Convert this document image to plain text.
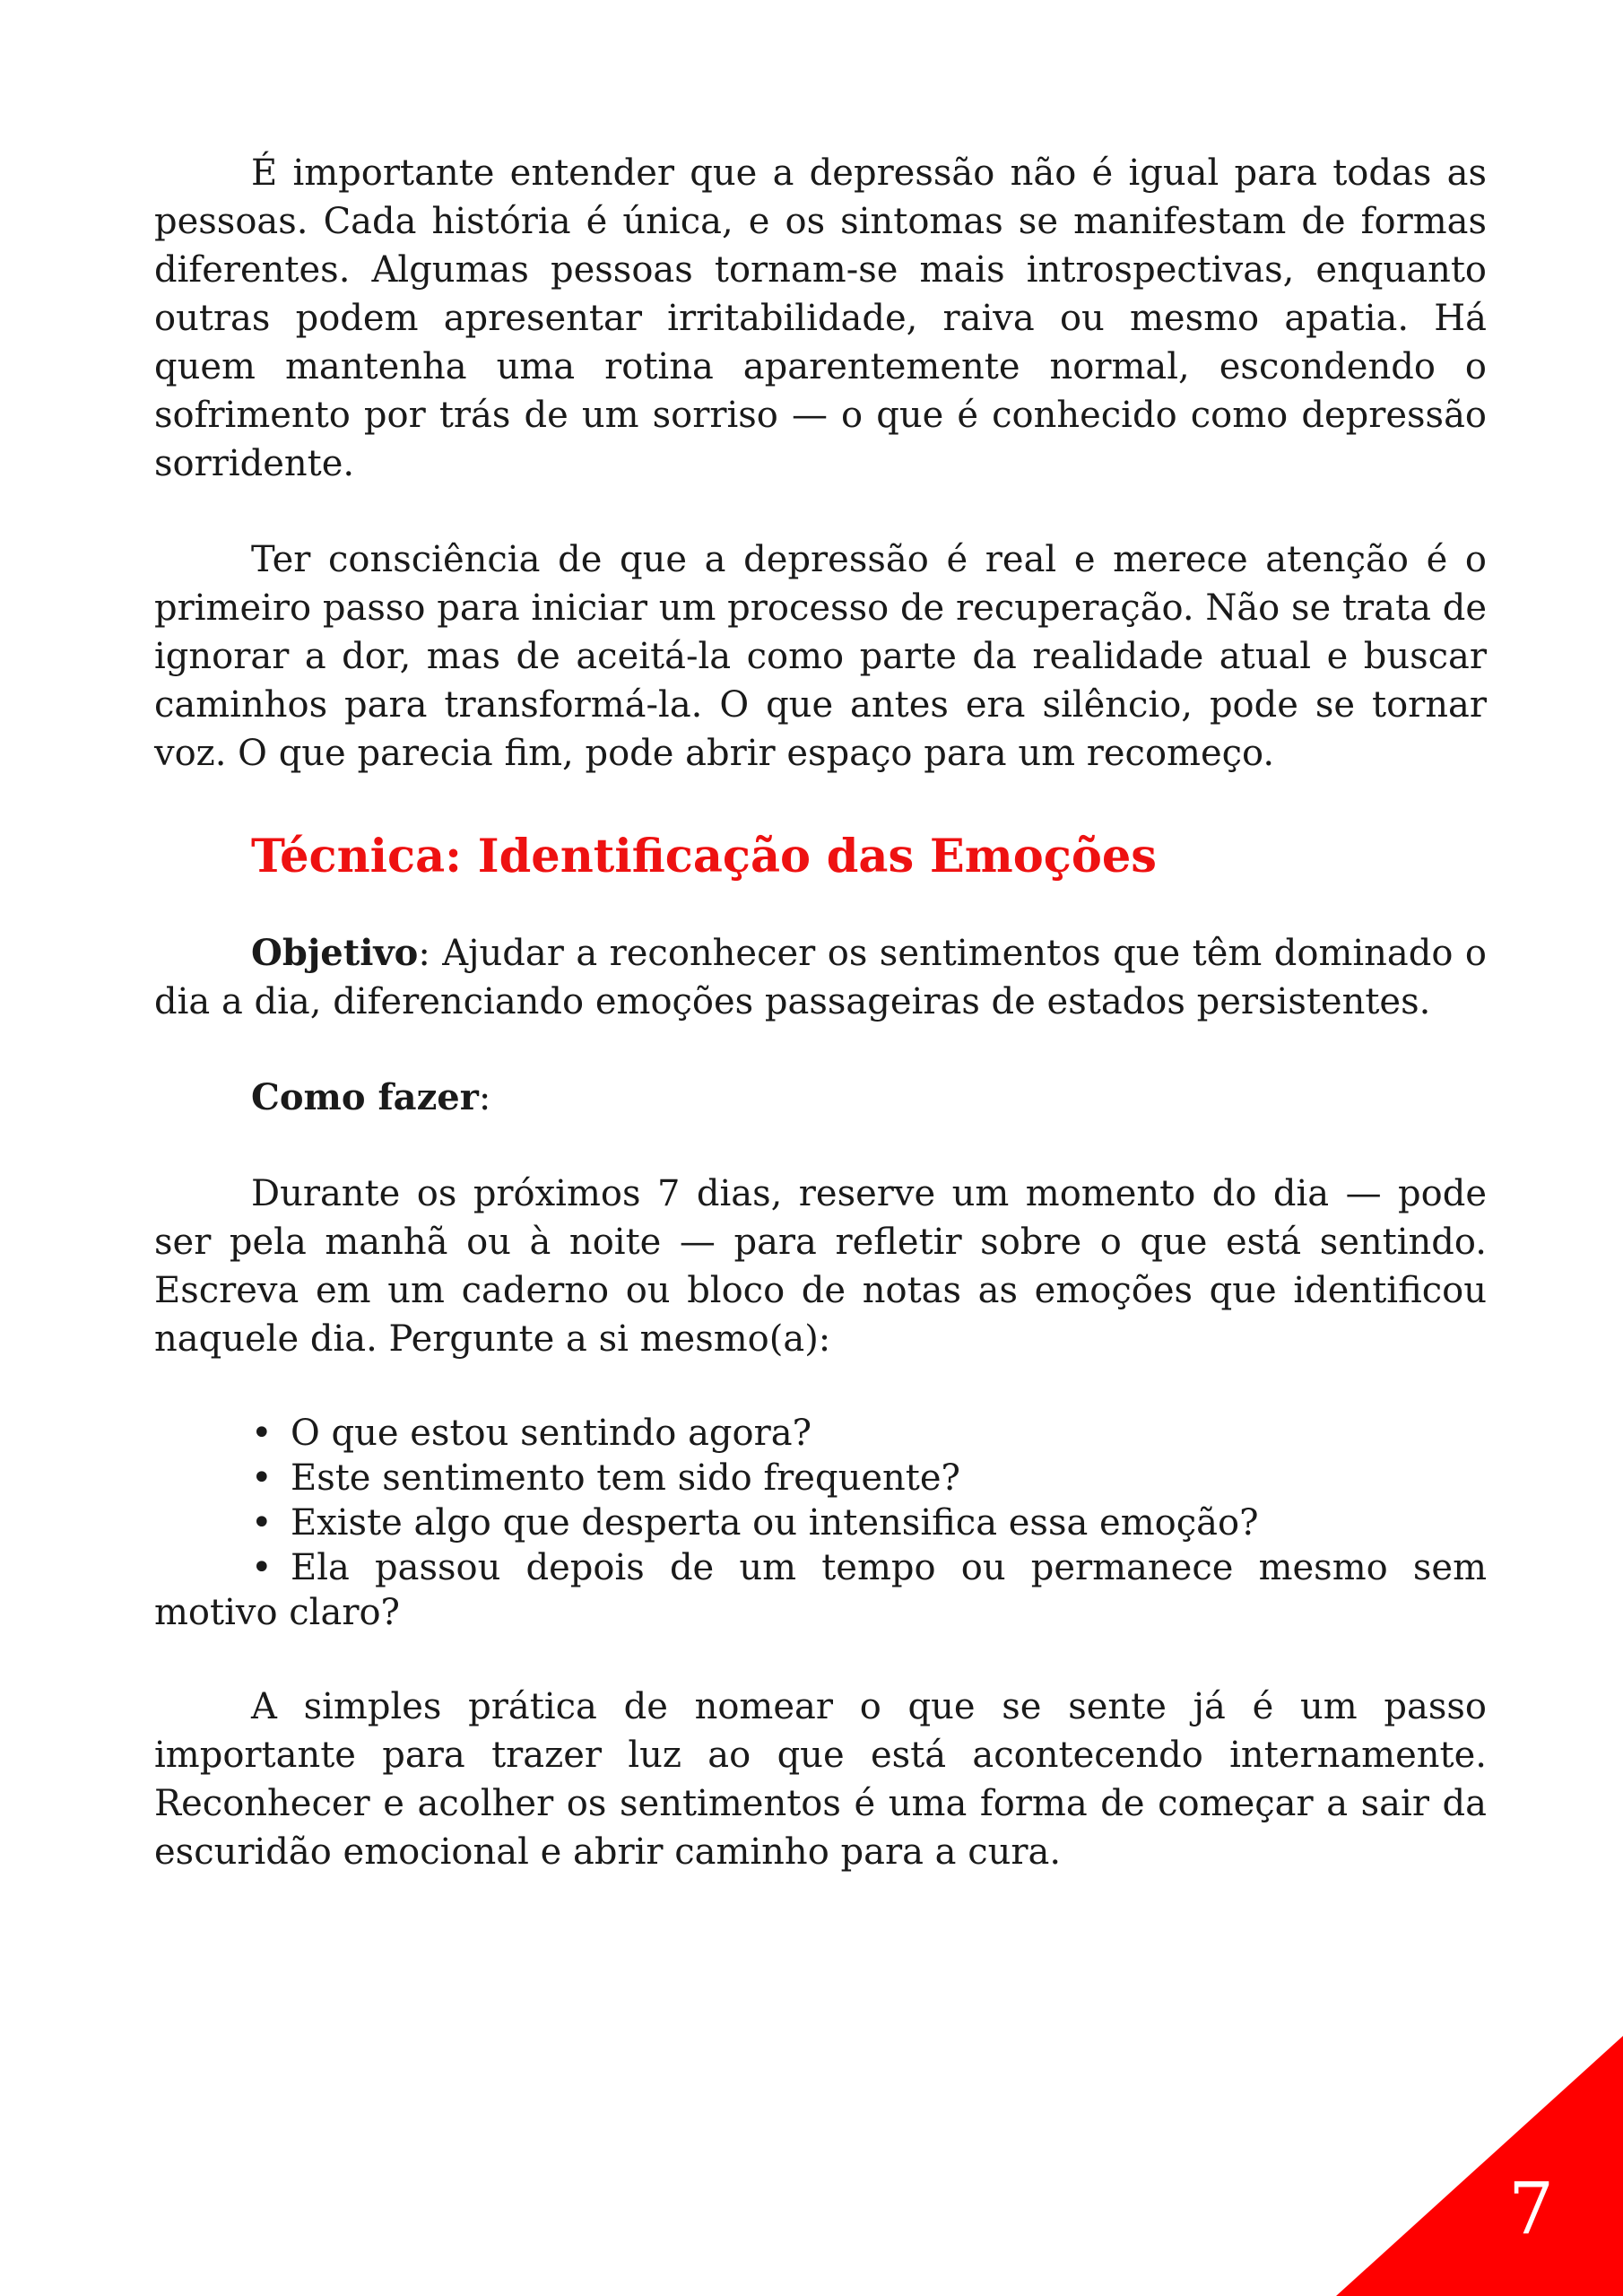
É importante entender que a depressão não é igual para todas as pessoas. Cada história é única, e os sintomas se manifestam de formas diferentes. Algumas pessoas tornam-se mais introspectivas, enquanto outras podem apresentar irritabilidade, raiva ou mesmo apatia. Há quem mantenha uma rotina aparentemente normal, escondendo o sofrimento por trás de um sorriso — o que é conhecido como depressão sorridente.

Ter consciência de que a depressão é real e merece atenção é o primeiro passo para iniciar um processo de recuperação. Não se trata de ignorar a dor, mas de aceitá-la como parte da realidade atual e buscar caminhos para transformá-la. O que antes era silêncio, pode se tornar voz. O que parecia fim, pode abrir espaço para um recomeço.

Técnica: Identificação das Emoções

Objetivo: Ajudar a reconhecer os sentimentos que têm dominado o dia a dia, diferenciando emoções passageiras de estados persistentes.

Como fazer:

Durante os próximos 7 dias, reserve um momento do dia — pode ser pela manhã ou à noite — para refletir sobre o que está sentindo. Escreva em um caderno ou bloco de notas as emoções que identificou naquele dia. Pergunte a si mesmo(a):

• O que estou sentindo agora?
• Este sentimento tem sido frequente?
• Existe algo que desperta ou intensifica essa emoção?
• Ela passou depois de um tempo ou permanece mesmo sem motivo claro?

A simples prática de nomear o que se sente já é um passo importante para trazer luz ao que está acontecendo internamente. Reconhecer e acolher os sentimentos é uma forma de começar a sair da escuridão emocional e abrir caminho para a cura.

7
